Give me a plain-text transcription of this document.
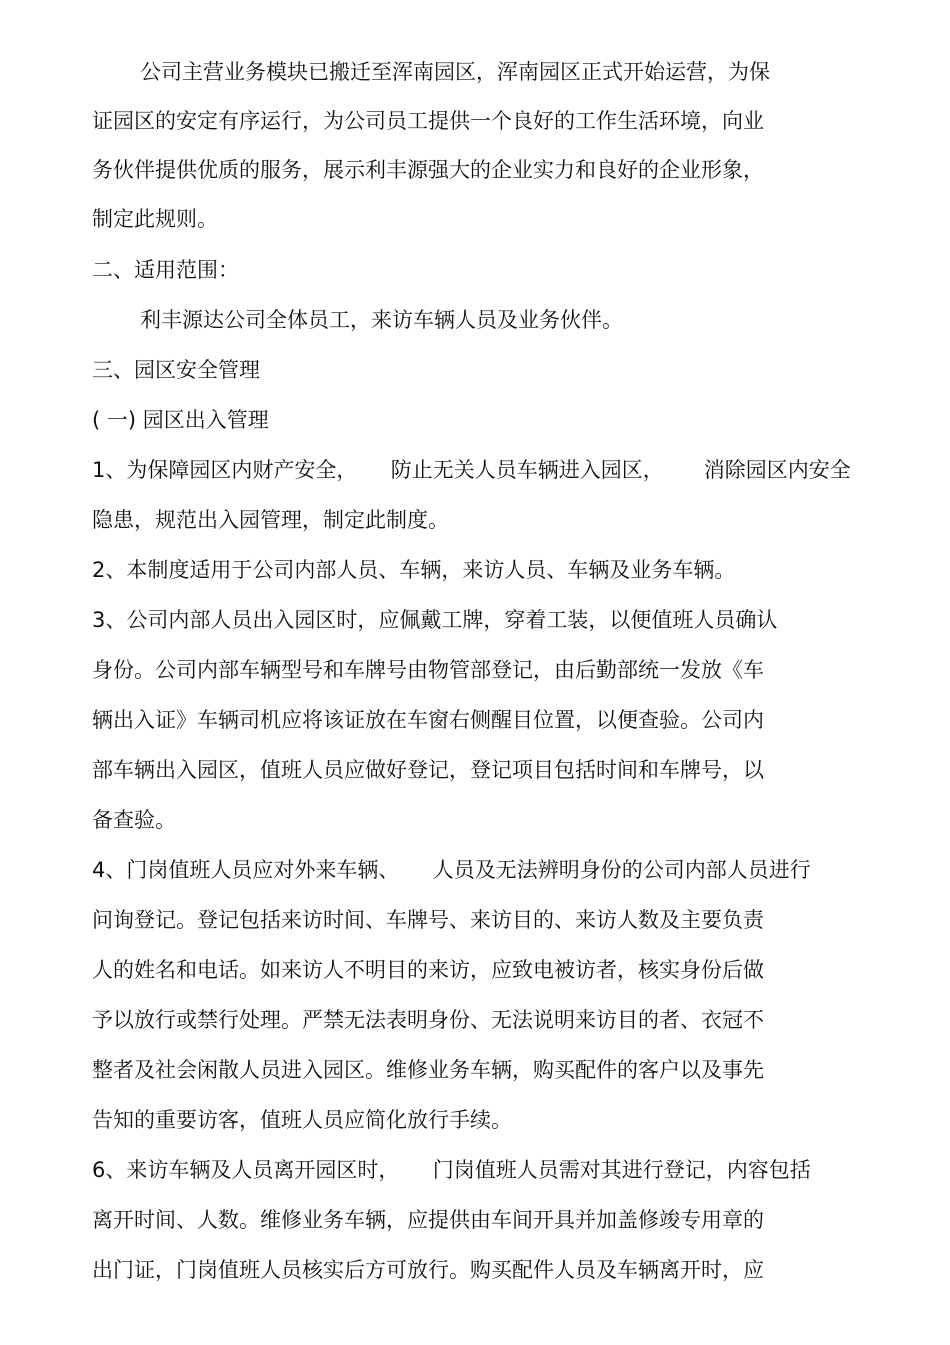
公司主营业务模块已搬迁至浑南园区，浑南园区正式开始运营，为保
证园区的安定有序运行，为公司员工提供一个良好的工作生活环境，向业
务伙伴提供优质的服务，展示利丰源强大的企业实力和良好的企业形象，
制定此规则。
二、适用范围：
利丰源达公司全体员工，来访车辆人员及业务伙伴。
三、园区安全管理
( 一) 园区出入管理
1、为保障园区内财产安全，     防止无关人员车辆进入园区，      消除园区内安全
隐患，规范出入园管理，制定此制度。
2、本制度适用于公司内部人员、车辆，来访人员、车辆及业务车辆。
3、公司内部人员出入园区时，应佩戴工牌，穿着工装，以便值班人员确认
身份。公司内部车辆型号和车牌号由物管部登记，由后勤部统一发放《车
辆出入证》车辆司机应将该证放在车窗右侧醒目位置，以便查验。公司内
部车辆出入园区，值班人员应做好登记，登记项目包括时间和车牌号，以
备查验。
4、门岗值班人员应对外来车辆、     人员及无法辨明身份的公司内部人员进行
问询登记。登记包括来访时间、车牌号、来访目的、来访人数及主要负责
人的姓名和电话。如来访人不明目的来访，应致电被访者，核实身份后做
予以放行或禁行处理。严禁无法表明身份、无法说明来访目的者、衣冠不
整者及社会闲散人员进入园区。维修业务车辆，购买配件的客户以及事先
告知的重要访客，值班人员应简化放行手续。
6、来访车辆及人员离开园区时，     门岗值班人员需对其进行登记，内容包括
离开时间、人数。维修业务车辆，应提供由车间开具并加盖修竣专用章的
出门证，门岗值班人员核实后方可放行。购买配件人员及车辆离开时，应
